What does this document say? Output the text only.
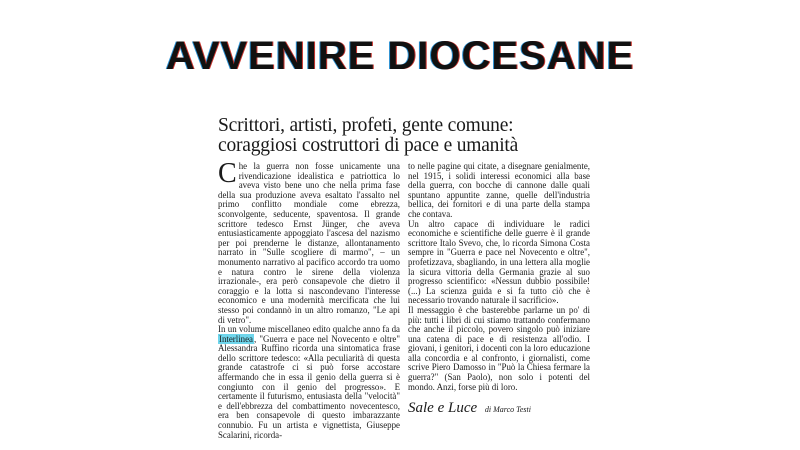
AVVENIRE DIOCESANE
Scrittori, artisti, profeti, gente comune:
coraggiosi costruttori di pace e umanità

Che la guerra non fosse unicamente una rivendicazione idealistica e patriottica lo aveva visto bene uno che nella prima fase della sua produzione aveva esaltato l'assalto nel primo conflitto mondiale come ebrezza, sconvolgente, seducente, spaventosa. Il grande scrittore tedesco Ernst Jünger, che aveva entusiasticamente appoggiato l'ascesa del nazismo per poi prenderne le distanze, allontanamento narrato in "Sulle scogliere di marmo", – un monumento narrativo al pacifico accordo tra uomo e natura contro le sirene della violenza irrazionale-, era però consapevole che dietro il coraggio e la lotta si nascondevano l'interesse economico e una modernità mercificata che lui stesso poi condannò in un altro romanzo, "Le api di vetro".

In un volume miscellaneo edito qualche anno fa da Interlinea, "Guerra e pace nel Novecento e oltre" Alessandra Ruffino ricorda una sintomatica frase dello scrittore tedesco: «Alla peculiarità di questa grande catastrofe ci si può forse accostare affermando che in essa il genio della guerra si è congiunto con il genio del progresso». E certamente il futurismo, entusiasta della "velocità" e dell'ebbrezza del combattimento novecentesco, era ben consapevole di questo imbarazzante connubio. Fu un artista e vignettista, Giuseppe Scalarini, ricorda-

to nelle pagine qui citate, a disegnare genialmente, nel 1915, i solidi interessi economici alla base della guerra, con bocche di cannone dalle quali spuntano appuntite zanne, quelle dell'industria bellica, dei fornitori e di una parte della stampa che contava.

Un altro capace di individuare le radici economiche e scientifiche delle guerre è il grande scrittore Italo Svevo, che, lo ricorda Simona Costa sempre in "Guerra e pace nel Novecento e oltre", profetizzava, sbagliando, in una lettera alla moglie la sicura vittoria della Germania grazie al suo progresso scientifico: «Nessun dubbio possibile! (...) La scienza guida e si fa tutto ciò che è necessario trovando naturale il sacrificio».

Il messaggio è che basterebbe parlarne un po' di più: tutti i libri di cui stiamo trattando confermano che anche il piccolo, povero singolo può iniziare una catena di pace e di resistenza all'odio. I giovani, i genitori, i docenti con la loro educazione alla concordia e al confronto, i giornalisti, come scrive Piero Damosso in "Può la Chiesa fermare la guerra?" (San Paolo), non solo i potenti del mondo. Anzi, forse più di loro.

Sale e Luce di Marco Testi
